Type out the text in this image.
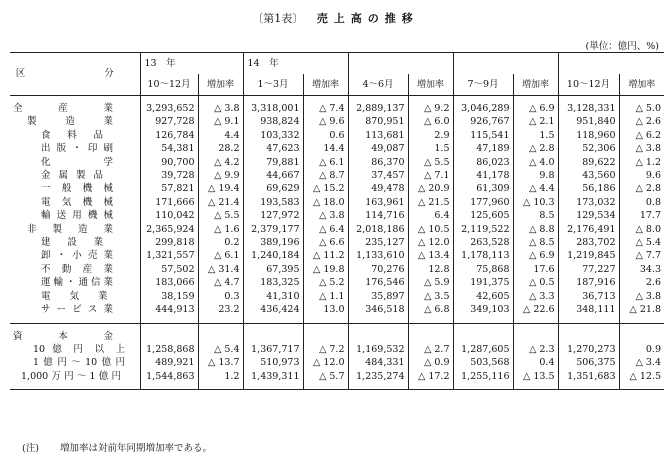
〔第1表〕 売上高の推移
(単位：億円、%)
区　　分	13　年		14　年							
	10〜12月	増加率	1〜3月	増加率	4〜6月	増加率	7〜9月	増加率	10〜12月	増加率

全　　産　　業	3,293,652	△ 3.8	3,318,001	△ 7.4	2,889,137	△ 9.2	3,046,289	△ 6.9	3,128,331	△ 5.0
製　　造　　業	927,728	△ 9.1	938,824	△ 9.6	870,951	△ 6.0	926,767	△ 2.1	951,840	△ 2.6
食　料　品	126,784	4.4	103,332	0.6	113,681	2.9	115,541	1.5	118,960	△ 6.2
出版・印刷	54,381	28.2	47,623	14.4	49,087	1.5	47,189	△ 2.8	52,306	△ 3.8
化　　　学	90,700	△ 4.2	79,881	△ 6.1	86,370	△ 5.5	86,023	△ 4.0	89,622	△ 1.2
金属製品	39,728	△ 9.9	44,667	△ 8.7	37,457	△ 7.1	41,178	9.8	43,560	9.6
一般機械	57,821	△ 19.4	69,629	△ 15.2	49,478	△ 20.9	61,309	△ 4.4	56,186	△ 2.8
電気機械	171,666	△ 21.4	193,583	△ 18.0	163,961	△ 21.5	177,960	△ 10.3	173,032	0.8
輸送用機械	110,042	△ 5.5	127,972	△ 3.8	114,716	6.4	125,605	8.5	129,534	17.7
非　製　造　業	2,365,924	△ 1.6	2,379,177	△ 6.4	2,018,186	△ 10.5	2,119,522	△ 8.8	2,176,491	△ 8.0
建　設　業	299,818	0.2	389,196	△ 6.6	235,127	△ 12.0	263,528	△ 8.5	283,702	△ 5.4
卸・小売業	1,321,557	△ 6.1	1,240,184	△ 11.2	1,133,610	△ 13.4	1,178,113	△ 6.9	1,219,845	△ 7.7
不動産業	57,502	△ 31.4	67,395	△ 19.8	70,276	12.8	75,868	17.6	77,227	34.3
運輸・通信業	183,066	△ 4.7	183,325	△ 5.2	176,546	△ 5.9	191,375	△ 0.5	187,916	2.6
電　　気　　業	38,159	0.3	41,310	△ 1.1	35,897	△ 3.5	42,605	△ 3.3	36,713	△ 3.8
サービス業	444,913	23.2	436,424	13.0	346,518	△ 6.8	349,103	△ 22.6	348,111	△ 21.8

資　　本　　金										
10 億 円 以 上	1,258,868	△ 5.4	1,367,717	△ 7.2	1,169,532	△ 2.7	1,287,605	△ 2.3	1,270,273	0.9
1億円〜10億円	489,921	△ 13.7	510,973	△ 12.0	484,331	△ 0.9	503,568	0.4	506,375	△ 3.4
1,000万円〜1億円	1,544,863	1.2	1,439,311	△ 5.7	1,235,274	△ 17.2	1,255,116	△ 13.5	1,351,683	△ 12.5

(注) 増加率は対前年同期増加率である。
